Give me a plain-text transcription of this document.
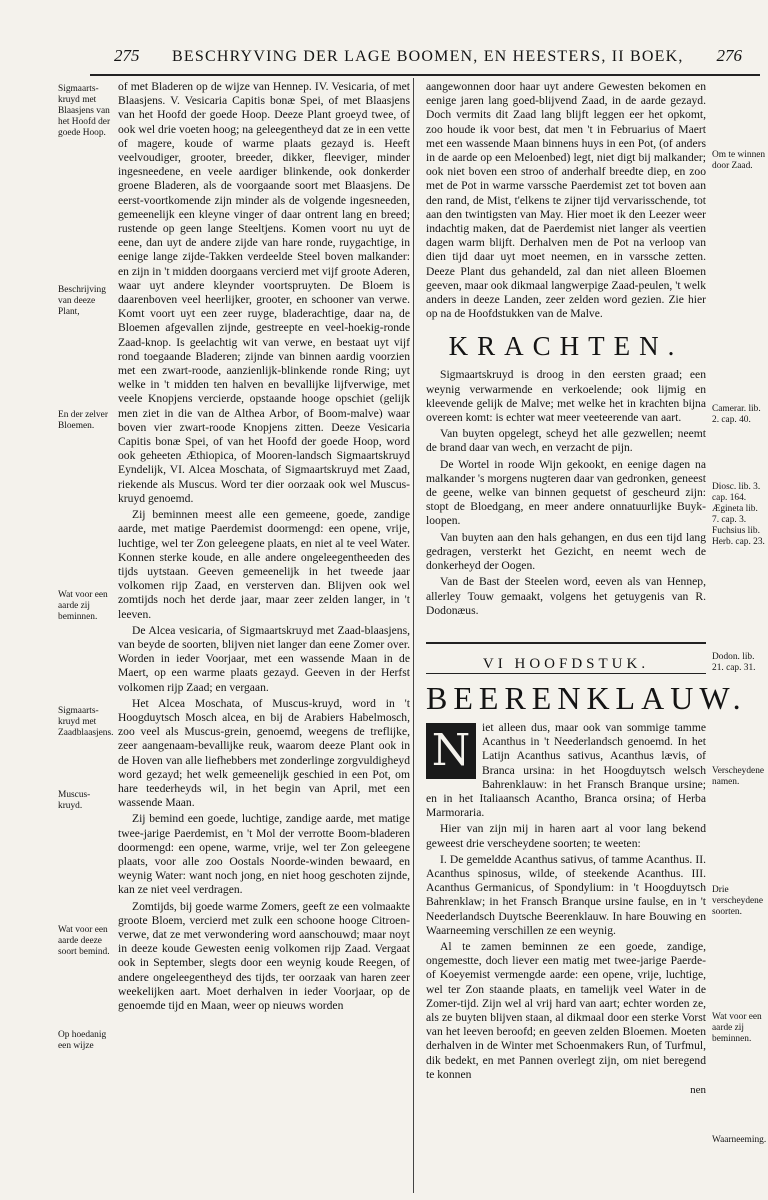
275 BESCHRYVING DER LAGE BOOMEN, EN HEESTERS, II BOEK,	276
Sigmaarts-kruyd met Blaasjens van het Hoofd der goede Hoop.
Beschrijving van deeze Plant,
En der zelver Bloemen.
Wat voor een aarde zij beminnen.
Sigmaarts-kruyd met Zaadblaasjens.
Muscus-kruyd.
Wat voor een aarde deeze soort bemind.
Op hoedanig een wijze

of met Bladeren op de wijze van Hennep. IV. Vesicaria, of met Blaasjens. V. Vesicaria Capitis bonæ Spei, of met Blaasjens van het Hoofd der goede Hoop. Deeze Plant groeyd twee, of ook wel drie voeten hoog; na geleegentheyd dat ze in een vette of magere, koude of warme plaats gezayd is. Heeft veelvoudiger, grooter, breeder, dikker, fleeviger, minder ingesneedene, en veele aardiger blinkende, ook donkerder groene Bladeren, als de voorgaande soort met Blaasjens. De eerst-voortkomende zijn minder als de volgende ingesneeden, gemeenelijk een kleyne vinger of daar ontrent lang en breed; rustende op geen lange Steeltjens. Komen voort nu uyt de eene, dan uyt de andere zijde van hare ronde, ruygachtige, in eenige lange zijde-Takken verdeelde Steel boven malkander: en zijn in 't midden doorgaans vercierd met vijf groote Aderen, waar uyt andere kleynder voortspruyten. De Bloem is daarenboven veel heerlijker, grooter, en schooner van verwe. Komt voort uyt een zeer ruyge, bladerachtige, daar na, de Bloemen afgevallen zijnde, gestreepte en veel-hoekig-ronde Zaad-knop. Is geelachtig wit van verwe, en bestaat uyt vijf rond toegaande Bladeren; zijnde van binnen aardig voorzien met een zwart-roode, aanzienlijk-blinkende ronde Ring; uyt welke in 't midden ten halven en bevallijke lijfverwige, met veele Knopjens vercierde, opstaande hooge opschiet (gelijk men ziet in die van de Althea Arbor, of Boom-malve) waar boven vier zwart-roode Knopjens zitten. Deeze Vesicaria Capitis bonæ Spei, of van het Hoofd der goede Hoop, word ook geheeten Æthiopica, of Mooren-landsch Sigmaartskruyd Eyndelijk, VI. Alcea Moschata, of Sigmaartskruyd met Zaad, riekende als Muscus. Word ter dier oorzaak ook wel Muscus-kruyd genoemd.

Zij beminnen meest alle een gemeene, goede, zandige aarde, met matige Paerdemist doormengd: een opene, vrije, luchtige, wel ter Zon geleegene plaats, en niet al te veel Water. Konnen sterke koude, en alle andere ongeleegentheeden des tijds uytstaan. Geeven gemeenelijk in het tweede jaar volkomen rijp Zaad, en versterven dan. Blijven ook wel zomtijds noch het derde jaar, maar zeer zelden langer, in 't leeven.

De Alcea vesicaria, of Sigmaartskruyd met Zaad-blaasjens, van beyde de soorten, blijven niet langer dan eene Zomer over. Worden in ieder Voorjaar, met een wassende Maan in de Maert, op een warme plaats gezayd. Geeven in der Herfst volkomen rijp Zaad; en vergaan.

Het Alcea Moschata, of Muscus-kruyd, word in 't Hoogduytsch Mosch alcea, en bij de Arabiers Habelmosch, zoo veel als Muscus-grein, genoemd, weegens de treflijke, zeer aangenaam-bevallijke reuk, waarom deeze Plant ook in de Hoven van alle liefhebbers met zonderlinge zorgvuldigheyd word gezayd; het welk gemeenelijk geschied in een Pot, om hare teederheyds wil, in het begin van April, met een wassende Maan.

Zij bemind een goede, luchtige, zandige aarde, met matige twee-jarige Paerdemist, en 't Mol der verrotte Boom-bladeren doormengd: een opene, warme, vrije, wel ter Zon geleegene plaats, voor alle zoo Oostals Noorde-winden bewaard, en weynig Water: want noch jong, en niet hoog geschoten zijnde, kan ze niet veel verdragen.

Zomtijds, bij goede warme Zomers, geeft ze een volmaakte groote Bloem, vercierd met zulk een schoone hooge Citroen-verwe, dat ze met verwondering word aanschouwd; maar noyt in deeze koude Gewesten eenig volkomen rijp Zaad. Vergaat ook in September, slegts door een weynig koude Reegen, of andere ongeleegentheyd des tijds, ter oorzaak van haren zeer weekelijken aart. Moet derhalven in ieder Voorjaar, op de genoemde tijd en Maan, weer op nieuws worden

aangewonnen door haar uyt andere Gewesten bekomen en eenige jaren lang goed-blijvend Zaad, in de aarde gezayd. Doch vermits dit Zaad lang blijft leggen eer het opkomt, zoo houde ik voor best, dat men 't in Februarius of Maert met een wassende Maan binnens huys in een Pot, (of anders in de aarde op een Meloenbed) legt, niet digt bij malkander; ook niet boven een stroo of anderhalf breedte diep, en zoo met de Pot in warme varssche Paerdemist zet tot boven aan den rand, de Mist, t'elkens te zijner tijd vervarisschende, tot aan den twintigsten van May. Hier moet ik den Leezer weer indachtig maken, dat de Paerdemist niet langer als veertien dagen warm blijft. Derhalven men de Pot na verloop van dien tijd daar uyt moet neemen, en in varssche zetten. Deeze Plant dus gehandeld, zal dan niet alleen Bloemen geeven, maar ook dikmaal langwerpige Zaad-peulen, 't welk anders in deeze Landen, zeer zelden word gezien. Zie hier op na de Hoofdstukken van de Malve.

KRACHTEN.

Sigmaartskruyd is droog in den eersten graad; een weynig verwarmende en verkoelende; ook lijmig en kleevende gelijk de Malve; met welke het in krachten bijna overeen komt: is echter wat meer veeteerende van aart.

Van buyten opgelegt, scheyd het alle gezwellen; neemt de brand daar van wech, en verzacht de pijn.

De Wortel in roode Wijn gekookt, en eenige dagen na malkander 's morgens nugteren daar van gedronken, geneest de geene, welke van binnen gequetst of gescheurd zijn: stopt de Bloedgang, en meer andere onnatuurlijke Buyk-loopen.

Van buyten aan den hals gehangen, en dus een tijd lang gedragen, versterkt het Gezicht, en neemt wech de donkerheyd der Oogen.

Van de Bast der Steelen word, eeven als van Hennep, allerley Touw gemaakt, volgens het getuygenis van R. Dodonæus.

VI HOOFDSTUK.
BEERENKLAUW.

N	iet alleen dus, maar ook van sommige tamme Acanthus in 't Neederlandsch genoemd. In het Latijn Acanthus sativus, Acanthus lævis, of Branca ursina: in het Hoogduytsch welsch Bahrenklauw: in het Fransch Branque ursine; en in het Italiaansch Acantho, Branca orsina; of Herba Marmoraria.

Hier van zijn mij in haren aart al voor lang bekend geweest drie verscheydene soorten; te weeten:

I. De gemeldde Acanthus sativus, of tamme Acanthus. II. Acanthus spinosus, wilde, of steekende Acanthus. III. Acanthus Germanicus, of Spondylium: in 't Hoogduytsch Bahrenklaw; in het Fransch Branque ursine faulse, en in 't Neederlandsch Duytsche Beerenklauw. In hare Bouwing en Waarneeming verschillen ze een weynig.

Al te zamen beminnen ze een goede, zandige, ongemestte, doch liever een matig met twee-jarige Paerde- of Koeyemist vermengde aarde: een opene, vrije, luchtige, wel ter Zon staande plaats, en tamelijk veel Water in de Zomer-tijd. Zijn wel al vrij hard van aart; echter worden ze, als ze buyten blijven staan, al dikmaal door een sterke Vorst van het leeven beroofd; en geeven zelden Bloemen. Moeten derhalven in de Winter met Schoenmakers Run, of Turfmul, dik bedekt, en met Pannen overlegt zijn, om niet beregend te konnen

nen
Om te winnen door Zaad.
Camerar. lib. 2. cap. 40.
Diosc. lib. 3. cap. 164. Ægineta lib. 7. cap. 3. Fuchsius lib. Herb. cap. 23.
Dodon. lib. 21. cap. 31.
Verscheydene namen.
Drie verscheydene soorten.
Wat voor een aarde zij beminnen.
Waarneeming.
